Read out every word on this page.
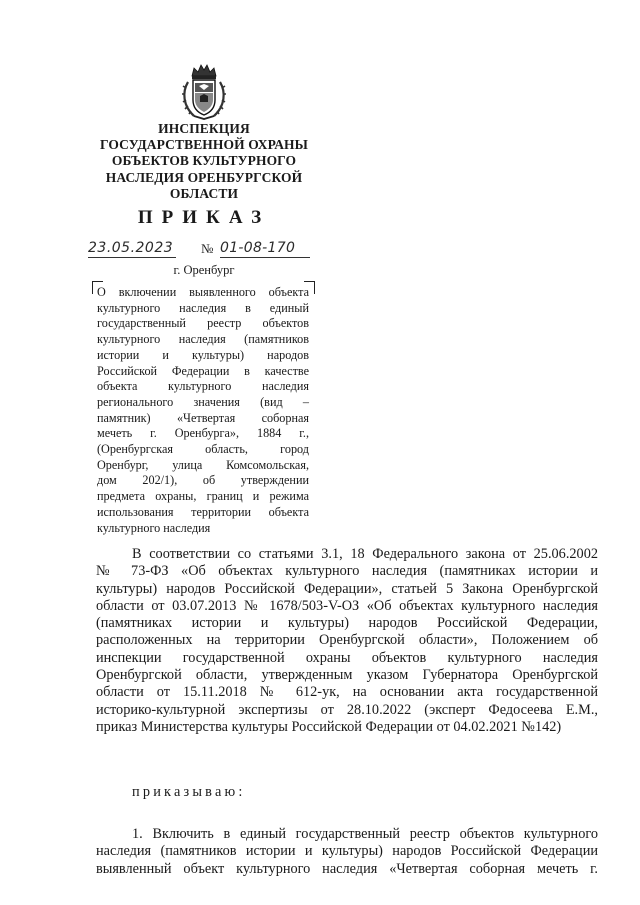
ИНСПЕКЦИЯ
ГОСУДАРСТВЕННОЙ ОХРАНЫ
ОБЪЕКТОВ КУЛЬТУРНОГО
НАСЛЕДИЯ ОРЕНБУРГСКОЙ
ОБЛАСТИ
ПРИКАЗ
23.05.2023 № 01-08-170
г. Оренбург
О включении выявленного объекта
культурного наследия в единый
государственный реестр объектов
культурного наследия (памятников
истории и культуры) народов
Российской Федерации в качестве
объекта культурного наследия
регионального значения (вид –
памятник) «Четвертая соборная
мечеть г. Оренбурга», 1884 г.,
(Оренбургская область, город
Оренбург, улица Комсомольская,
дом 202/1), об утверждении
предмета охраны, границ и режима
использования территории объекта
культурного наследия
В соответствии со статьями 3.1, 18 Федерального закона от 25.06.2002
№ 73-ФЗ «Об объектах культурного наследия (памятниках истории и
культуры) народов Российской Федерации», статьей 5 Закона Оренбургской
области от 03.07.2013 № 1678/503-V-ОЗ «Об объектах культурного наследия
(памятниках истории и культуры) народов Российской Федерации,
расположенных на территории Оренбургской области», Положением об
инспекции государственной охраны объектов культурного наследия
Оренбургской области, утвержденным указом Губернатора Оренбургской
области от 15.11.2018 № 612-ук, на основании акта государственной
историко-культурной экспертизы от 28.10.2022 (эксперт Федосеева Е.М.,
приказ Министерства культуры Российской Федерации от 04.02.2021 №142)
приказываю:
1. Включить в единый государственный реестр объектов культурного
наследия (памятников истории и культуры) народов Российской Федерации
выявленный объект культурного наследия «Четвертая соборная мечеть г.
